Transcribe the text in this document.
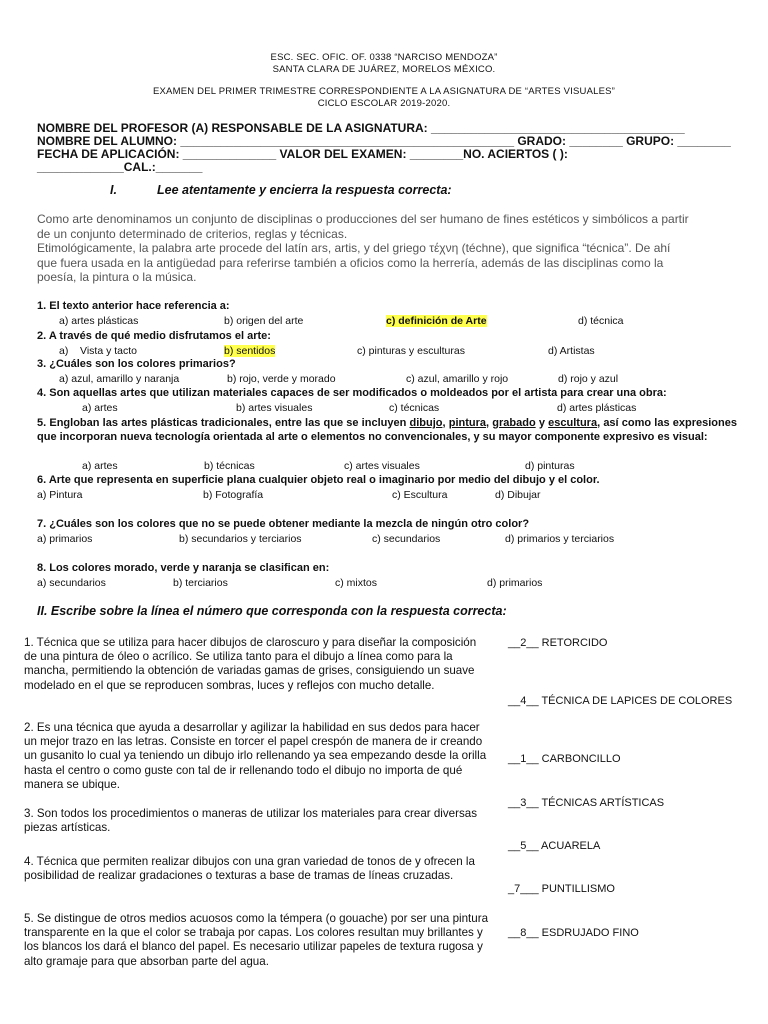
ESC. SEC. OFIC. OF. 0338 “NARCISO MENDOZA”
SANTA CLARA DE JUÁREZ, MORELOS MÉXICO.
EXAMEN DEL PRIMER TRIMESTRE CORRESPONDIENTE A LA ASIGNATURA DE “ARTES VISUALES”
CICLO ESCOLAR 2019-2020.
NOMBRE DEL PROFESOR (A) RESPONSABLE DE LA ASIGNATURA: ______________________________________
NOMBRE DEL ALUMNO: __________________________________________________ GRADO: ________ GRUPO: ________
FECHA DE APLICACIÓN: ______________ VALOR DEL EXAMEN: ________NO. ACIERTOS ( ):
_____________CAL.:_______
I.	Lee atentamente y encierra la respuesta correcta:
Como arte denominamos un conjunto de disciplinas o producciones del ser humano de fines estéticos y simbólicos a partir
de un conjunto determinado de criterios, reglas y técnicas.
Etimológicamente, la palabra arte procede del latín ars, artis, y del griego τέχνη (téchne), que significa “técnica”. De ahí
que fuera usada en la antigüedad para referirse también a oficios como la herrería, además de las disciplinas como la
poesía, la pintura o la música.
1. El texto anterior hace referencia a:
a) artes plásticas	b) origen del arte	c) definición de Arte	d) técnica
2. A través de qué medio disfrutamos el arte:
a)    Vista y tacto	b) sentidos	c) pinturas y esculturas	d) Artistas
3. ¿Cuáles son los colores primarios?
a) azul, amarillo y naranja	b) rojo, verde y morado	c) azul, amarillo y rojo	d) rojo y azul
4. Son aquellas artes que utilizan materiales capaces de ser modificados o moldeados por el artista para crear una obra:
a) artes	b) artes visuales	c) técnicas	d) artes plásticas
5. Engloban las artes plásticas tradicionales, entre las que se incluyen dibujo, pintura, grabado y escultura, así como las expresiones que incorporan nueva tecnología orientada al arte o elementos no convencionales, y su mayor componente expresivo es visual:
a) artes	b) técnicas	c) artes visuales	d) pinturas
6. Arte que representa en superficie plana cualquier objeto real o imaginario por medio del dibujo y el color.
a) Pintura	b) Fotografía	c) Escultura	d) Dibujar
7. ¿Cuáles son los colores que no se puede obtener mediante la mezcla de ningún otro color?
a) primarios	b) secundarios y terciarios	c) secundarios	d) primarios y terciarios
8. Los colores morado, verde y naranja se clasifican en:
a) secundarios	b) terciarios	c) mixtos	d) primarios
II. Escribe sobre la línea el número que corresponda con la respuesta correcta:
1. Técnica que se utiliza para hacer dibujos de claroscuro y para diseñar la composición de una pintura de óleo o acrílico. Se utiliza tanto para el dibujo a línea como para la mancha, permitiendo la obtención de variadas gamas de grises, consiguiendo un suave modelado en el que se reproducen sombras, luces y reflejos con mucho detalle.
2. Es una técnica que ayuda a desarrollar y agilizar la habilidad en sus dedos para hacer un mejor trazo en las letras. Consiste en torcer el papel crespón de manera de ir creando un gusanito lo cual ya teniendo un dibujo irlo rellenando ya sea empezando desde la orilla hasta el centro o como guste con tal de ir rellenando todo el dibujo no importa de qué manera se ubique.
3. Son todos los procedimientos o maneras de utilizar los materiales para crear diversas piezas artísticas.
4. Técnica que permiten realizar dibujos con una gran variedad de tonos de y ofrecen la posibilidad de realizar gradaciones o texturas a base de tramas de líneas cruzadas.
5. Se distingue de otros medios acuosos como la témpera (o gouache) por ser una pintura transparente en la que el color se trabaja por capas. Los colores resultan muy brillantes y los blancos los dará el blanco del papel. Es necesario utilizar papeles de textura rugosa y alto gramaje para que absorban parte del agua.
__2__ RETORCIDO
__4__ TÉCNICA DE LAPICES DE COLORES
__1__ CARBONCILLO
__3__ TÉCNICAS ARTÍSTICAS
__5__ ACUARELA
_7___ PUNTILLISMO
__8__ ESDRUJADO FINO
